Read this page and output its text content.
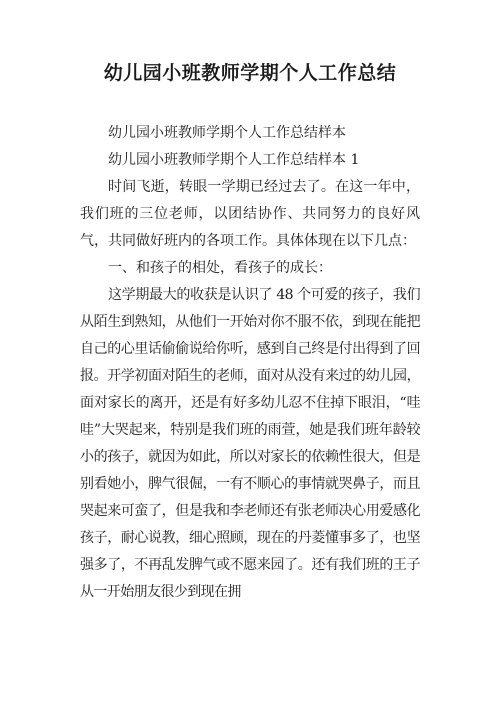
幼儿园小班教师学期个人工作总结

幼儿园小班教师学期个人工作总结样本

幼儿园小班教师学期个人工作总结样本 1

时间飞逝，转眼一学期已经过去了。在这一年中，我们班的三位老师，以团结协作、共同努力的良好风气，共同做好班内的各项工作。具体体现在以下几点：

一、和孩子的相处，看孩子的成长：

这学期最大的收获是认识了 48 个可爱的孩子，我们从陌生到熟知，从他们一开始对你不服不依，到现在能把自己的心里话偷偷说给你听，感到自己终是付出得到了回报。开学初面对陌生的老师，面对从没有来过的幼儿园，面对家长的离开，还是有好多幼儿忍不住掉下眼泪，“哇哇”大哭起来，特别是我们班的雨萱，她是我们班年龄较小的孩子，就因为如此，所以对家长的依赖性很大，但是别看她小，脾气很倔，一有不顺心的事情就哭鼻子，而且哭起来可蛮了，但是我和李老师还有张老师决心用爱感化孩子，耐心说教，细心照顾，现在的丹菱懂事多了，也坚强多了，不再乱发脾气或不愿来园了。还有我们班的王子从一开始朋友很少到现在拥
